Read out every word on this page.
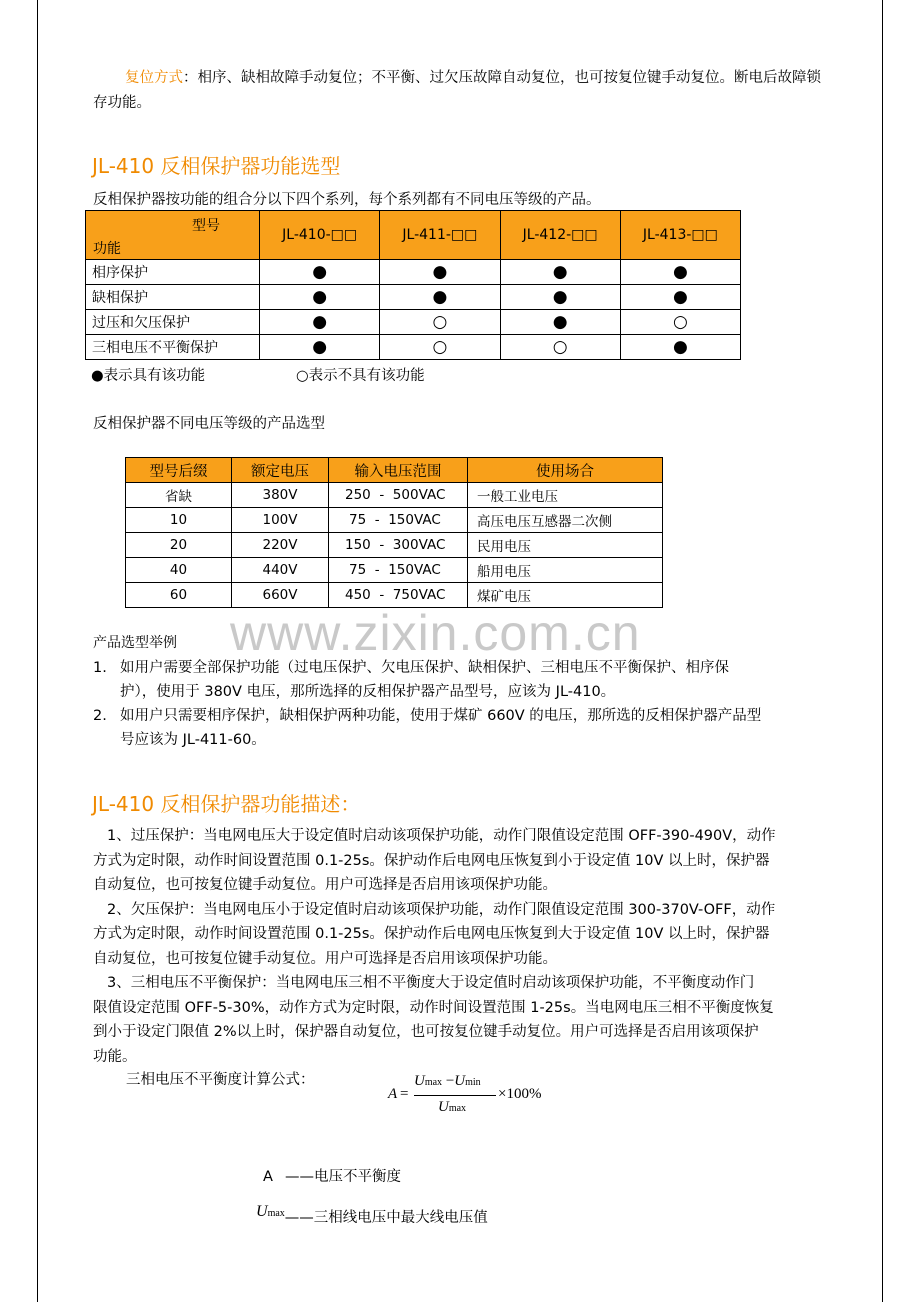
复位方式：相序、缺相故障手动复位；不平衡、过欠压故障自动复位，也可按复位键手动复位。断电后故障锁存功能。
JL-410 反相保护器功能选型
反相保护器按功能的组合分以下四个系列，每个系列都有不同电压等级的产品。
型号
功能	JL-410-□□	JL-411-□□	JL-412-□□	JL-413-□□
相序保护	●	●	●	●
缺相保护	●	●	●	●
过压和欠压保护	●	○	●	○
三相电压不平衡保护	●	○	○	●
●表示具有该功能	○表示不具有该功能
反相保护器不同电压等级的产品选型
型号后缀	额定电压	输入电压范围	使用场合
省缺	380V	250  -  500VAC	一般工业电压
10	100V	75  -  150VAC	高压电压互感器二次侧
20	220V	150  -  300VAC	民用电压
40	440V	75  -  150VAC	船用电压
60	660V	450  -  750VAC	煤矿电压
www.zixin.com.cn
产品选型举例
1. 如用户需要全部保护功能（过电压保护、欠电压保护、缺相保护、三相电压不平衡保护、相序保

护），使用于 380V 电压，那所选择的反相保护器产品型号，应该为 JL-410。
2. 如用户只需要相序保护，缺相保护两种功能，使用于煤矿 660V 的电压，那所选的反相保护器产品型

号应该为 JL-411-60。
JL-410 反相保护器功能描述：
1、过压保护：当电网电压大于设定值时启动该项保护功能，动作门限值设定范围 OFF-390-490V，动作
方式为定时限，动作时间设置范围 0.1-25s。保护动作后电网电压恢复到小于设定值 10V 以上时，保护器
自动复位，也可按复位键手动复位。用户可选择是否启用该项保护功能。
2、欠压保护：当电网电压小于设定值时启动该项保护功能，动作门限值设定范围 300-370V-OFF，动作
方式为定时限，动作时间设置范围 0.1-25s。保护动作后电网电压恢复到大于设定值 10V 以上时，保护器
自动复位，也可按复位键手动复位。用户可选择是否启用该项保护功能。
3、三相电压不平衡保护：当电网电压三相不平衡度大于设定值时启动该项保护功能，不平衡度动作门
限值设定范围 OFF-5-30%，动作方式为定时限，动作时间设置范围 1-25s。当电网电压三相不平衡度恢复
到小于设定门限值 2%以上时，保护器自动复位，也可按复位键手动复位。用户可选择是否启用该项保护
功能。
三相电压不平衡度计算公式：
A =
Umax −Umin
Umax
×100%
A ——电压不平衡度
Umax——三相线电压中最大线电压值
